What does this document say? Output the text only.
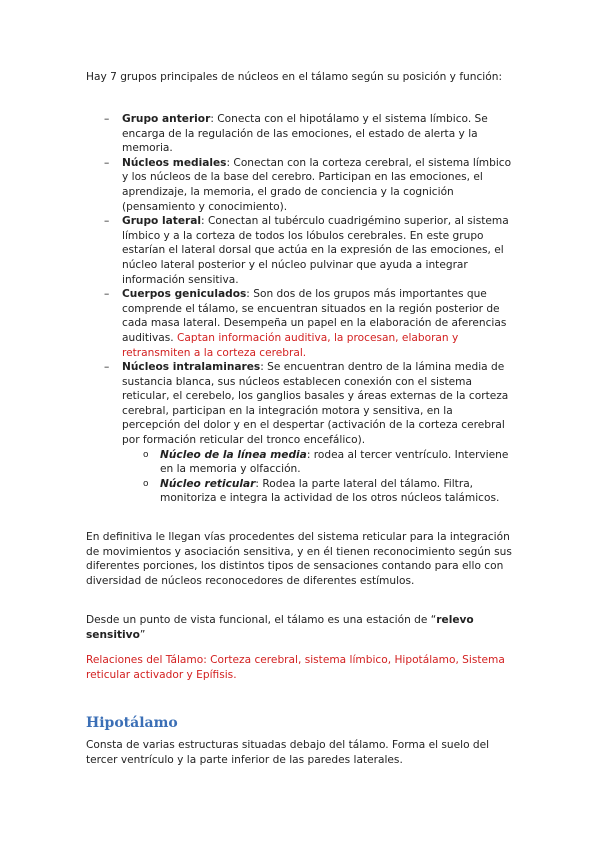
Hay 7 grupos principales de núcleos en el tálamo según su posición y función:

– Grupo anterior: Conecta con el hipotálamo y el sistema límbico. Se encarga de la regulación de las emociones, el estado de alerta y la memoria.
– Núcleos mediales: Conectan con la corteza cerebral, el sistema límbico y los núcleos de la base del cerebro. Participan en las emociones, el aprendizaje, la memoria, el grado de conciencia y la cognición (pensamiento y conocimiento).
– Grupo lateral: Conectan al tubérculo cuadrigémino superior, al sistema límbico y a la corteza de todos los lóbulos cerebrales. En este grupo estarían el lateral dorsal que actúa en la expresión de las emociones, el núcleo lateral posterior y el núcleo pulvinar que ayuda a integrar información sensitiva.
– Cuerpos geniculados: Son dos de los grupos más importantes que comprende el tálamo, se encuentran situados en la región posterior de cada masa lateral. Desempeña un papel en la elaboración de aferencias auditivas. Captan información auditiva, la procesan, elaboran y retransmiten a la corteza cerebral.
– Núcleos intralaminares: Se encuentran dentro de la lámina media de sustancia blanca, sus núcleos establecen conexión con el sistema reticular, el cerebelo, los ganglios basales y áreas externas de la corteza cerebral, participan en la integración motora y sensitiva, en la percepción del dolor y en el despertar (activación de la corteza cerebral por formación reticular del tronco encefálico).
o Núcleo de la línea media: rodea al tercer ventrículo. Interviene en la memoria y olfacción.
o Núcleo reticular: Rodea la parte lateral del tálamo. Filtra, monitoriza e integra la actividad de los otros núcleos talámicos.

En definitiva le llegan vías procedentes del sistema reticular para la integración de movimientos y asociación sensitiva, y en él tienen reconocimiento según sus diferentes porciones, los distintos tipos de sensaciones contando para ello con diversidad de núcleos reconocedores de diferentes estímulos.

Desde un punto de vista funcional, el tálamo es una estación de “relevo sensitivo”

Relaciones del Tálamo: Corteza cerebral, sistema límbico, Hipotálamo, Sistema reticular activador y Epífisis.

Hipotálamo

Consta de varias estructuras situadas debajo del tálamo. Forma el suelo del tercer ventrículo y la parte inferior de las paredes laterales.
